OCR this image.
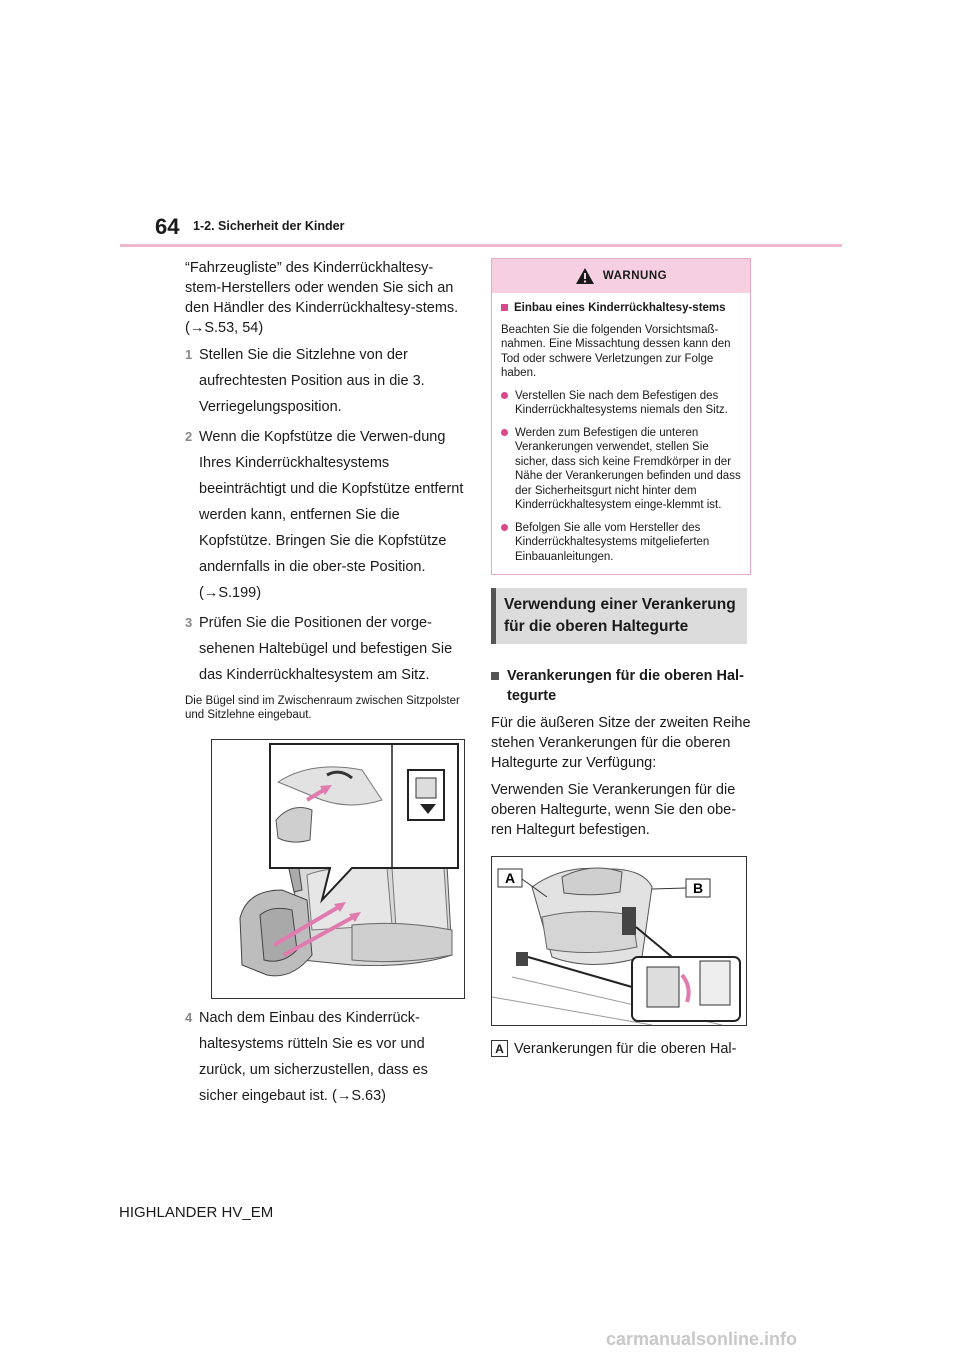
64 1-2. Sicherheit der Kinder

“Fahrzeugliste” des Kinderrückhaltesy-stem-Herstellers oder wenden Sie sich an den Händler des Kinderrückhaltesy-stems. (→S.53, 54)

1 Stellen Sie die Sitzlehne von der aufrechtesten Position aus in die 3. Verriegelungsposition.
2 Wenn die Kopfstütze die Verwen-dung Ihres Kinderrückhaltesystems beeinträchtigt und die Kopfstütze entfernt werden kann, entfernen Sie die Kopfstütze. Bringen Sie die Kopfstütze andernfalls in die ober-ste Position. (→S.199)
3 Prüfen Sie die Positionen der vorge-sehenen Haltebügel und befestigen Sie das Kinderrückhaltesystem am Sitz.
Die Bügel sind im Zwischenraum zwischen Sitzpolster und Sitzlehne eingebaut.
4 Nach dem Einbau des Kinderrück-haltesystems rütteln Sie es vor und zurück, um sicherzustellen, dass es sicher eingebaut ist. (→S.63)
WARNUNG
Einbau eines Kinderrückhaltesy-stems
Beachten Sie die folgenden Vorsichtsmaß-nahmen. Eine Missachtung dessen kann den Tod oder schwere Verletzungen zur Folge haben.
Verstellen Sie nach dem Befestigen des Kinderrückhaltesystems niemals den Sitz.
Werden zum Befestigen die unteren Verankerungen verwendet, stellen Sie sicher, dass sich keine Fremdkörper in der Nähe der Verankerungen befinden und dass der Sicherheitsgurt nicht hinter dem Kinderrückhaltesystem einge-klemmt ist.
Befolgen Sie alle vom Hersteller des Kinderrückhaltesystems mitgelieferten Einbauanleitungen.
Verwendung einer Verankerung für die oberen Haltegurte
Verankerungen für die oberen Hal-tegurte
Für die äußeren Sitze der zweiten Reihe stehen Verankerungen für die oberen Haltegurte zur Verfügung:
Verwenden Sie Verankerungen für die oberen Haltegurte, wenn Sie den obe-ren Haltegurt befestigen.
A
B
A Verankerungen für die oberen Hal-
HIGHLANDER HV_EM
carmanualsonline.info
